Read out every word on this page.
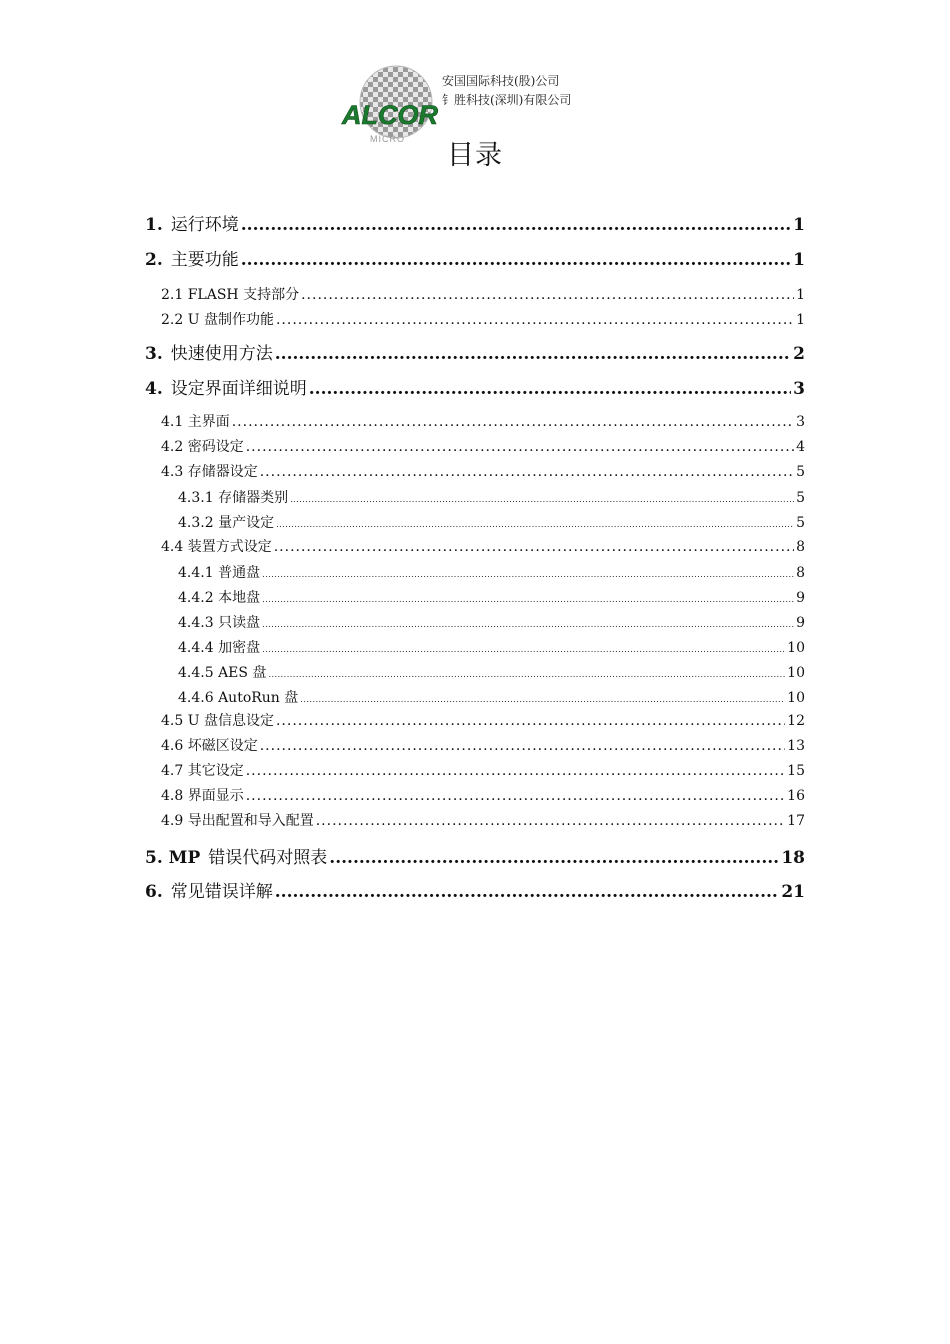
ALCOR
MICRO
安国国际科技(股)公司
钅胜科技(深圳)有限公司
目录
1. 运行环境 .....	1
2. 主要功能 .....	1
2.1 FLASH 支持部分 .....	1
2.2 U 盘制作功能 .....	1
3. 快速使用方法 .....	2
4. 设定界面详细说明 .....	3
4.1 主界面 .....	3
4.2 密码设定 .....	4
4.3 存储器设定 .....	5
4.3.1 存储器类别 .....	5
4.3.2 量产设定 .....	5
4.4 装置方式设定 .....	8
4.4.1 普通盘 .....	8
4.4.2 本地盘 .....	9
4.4.3 只读盘 .....	9
4.4.4 加密盘 .....	10
4.4.5 AES 盘 .....	10
4.4.6 AutoRun 盘 .....	10
4.5 U 盘信息设定 .....	12
4.6 坏磁区设定 .....	13
4.7 其它设定 .....	15
4.8 界面显示 .....	16
4.9 导出配置和导入配置 .....	17
5. MP 错误代码对照表 .....	18
6. 常见错误详解 .....	21
